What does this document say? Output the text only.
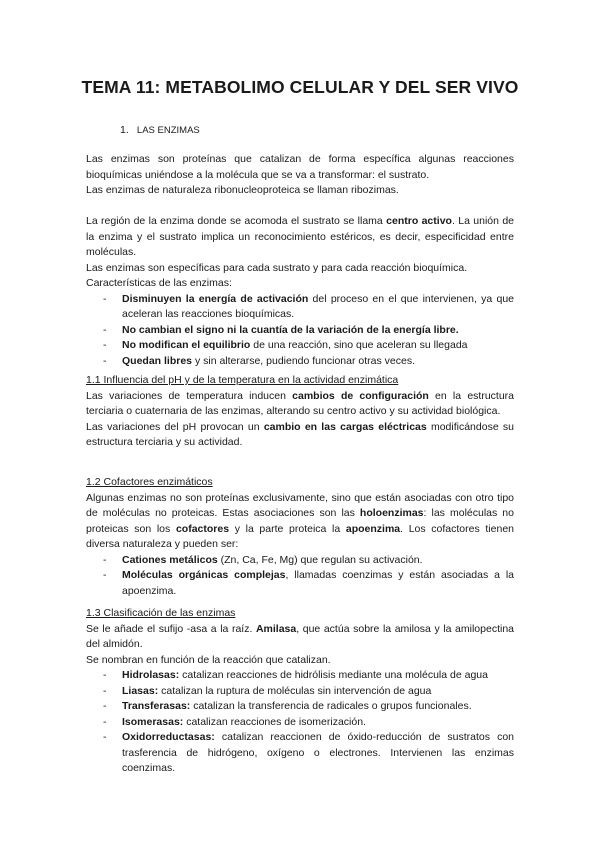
TEMA 11: METABOLIMO CELULAR Y DEL SER VIVO
1. LAS ENZIMAS

Las enzimas son proteínas que catalizan de forma específica algunas reacciones bioquímicas uniéndose a la molécula que se va a transformar: el sustrato.

Las enzimas de naturaleza ribonucleoproteica se llaman ribozimas.

La región de la enzima donde se acomoda el sustrato se llama centro activo. La unión de la enzima y el sustrato implica un reconocimiento estéricos, es decir, especificidad entre moléculas.

Las enzimas son específicas para cada sustrato y para cada reacción bioquímica.

Características de las enzimas:

- Disminuyen la energía de activación del proceso en el que intervienen, ya que aceleran las reacciones bioquímicas.
- No cambian el signo ni la cuantía de la variación de la energía libre.
- No modifican el equilibrio de una reacción, sino que aceleran su llegada
- Quedan libres y sin alterarse, pudiendo funcionar otras veces.

1.1 Influencia del pH y de la temperatura en la actividad enzimática

Las variaciones de temperatura inducen cambios de configuración en la estructura terciaria o cuaternaria de las enzimas, alterando su centro activo y su actividad biológica.

Las variaciones del pH provocan un cambio en las cargas eléctricas modificándose su estructura terciaria y su actividad.

1.2 Cofactores enzimáticos

Algunas enzimas no son proteínas exclusivamente, sino que están asociadas con otro tipo de moléculas no proteicas. Estas asociaciones son las holoenzimas: las moléculas no proteicas son los cofactores y la parte proteica la apoenzima. Los cofactores tienen diversa naturaleza y pueden ser:

- Cationes metálicos (Zn, Ca, Fe, Mg) que regulan su activación.
- Moléculas orgánicas complejas, llamadas coenzimas y están asociadas a la apoenzima.

1.3 Clasificación de las enzimas

Se le añade el sufijo -asa a la raíz. Amilasa, que actúa sobre la amilosa y la amilopectina del almidón.

Se nombran en función de la reacción que catalizan.

- Hidrolasas: catalizan reacciones de hidrólisis mediante una molécula de agua
- Liasas: catalizan la ruptura de moléculas sin intervención de agua
- Transferasas: catalizan la transferencia de radicales o grupos funcionales.
- Isomerasas: catalizan reacciones de isomerización.
- Oxidorreductasas: catalizan reaccionen de óxido-reducción de sustratos con trasferencia de hidrógeno, oxígeno o electrones. Intervienen las enzimas coenzimas.
